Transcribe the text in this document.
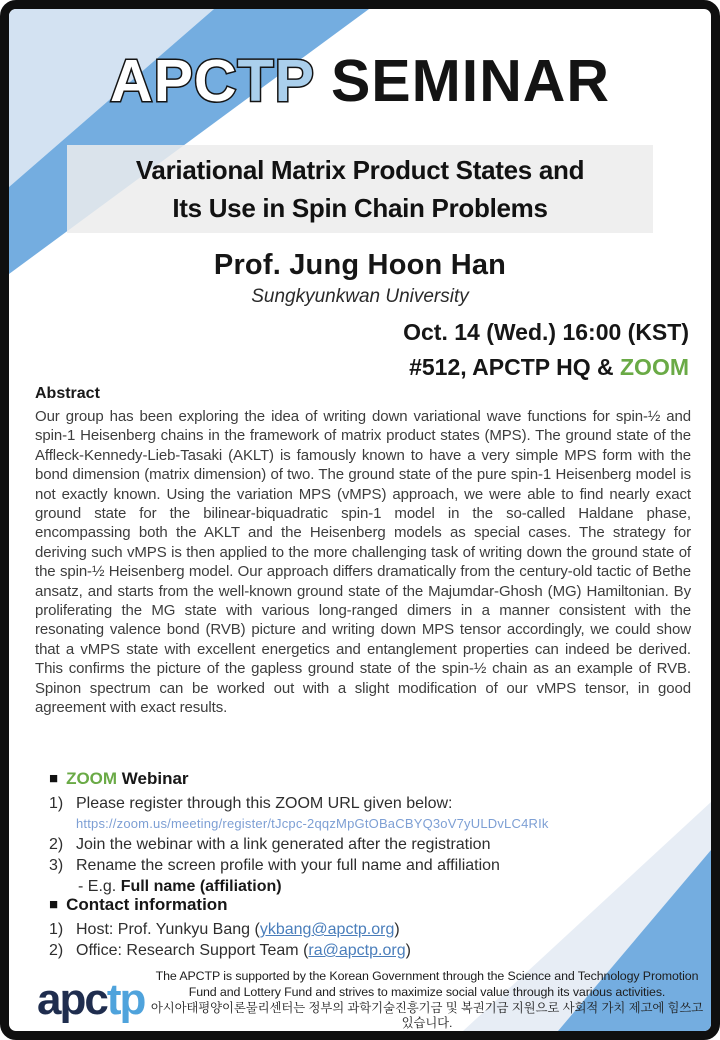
APCTP SEMINAR
Variational Matrix Product States and
Its Use in Spin Chain Problems
Prof. Jung Hoon Han
Sungkyunkwan University
Oct. 14 (Wed.) 16:00 (KST)
#512, APCTP HQ & ZOOM
Abstract
Our group has been exploring the idea of writing down variational wave functions for spin-½ and spin-1 Heisenberg chains in the framework of matrix product states (MPS). The ground state of the Affleck-Kennedy-Lieb-Tasaki (AKLT) is famously known to have a very simple MPS form with the bond dimension (matrix dimension) of two. The ground state of the pure spin-1 Heisenberg model is not exactly known. Using the variation MPS (vMPS) approach, we were able to find nearly exact ground state for the bilinear-biquadratic spin-1 model in the so-called Haldane phase, encompassing both the AKLT and the Heisenberg models as special cases. The strategy for deriving such vMPS is then applied to the more challenging task of writing down the ground state of the spin-½ Heisenberg model. Our approach differs dramatically from the century-old tactic of Bethe ansatz, and starts from the well-known ground state of the Majumdar-Ghosh (MG) Hamiltonian. By proliferating the MG state with various long-ranged dimers in a manner consistent with the resonating valence bond (RVB) picture and writing down MPS tensor accordingly, we could show that a vMPS state with excellent energetics and entanglement properties can indeed be derived. This confirms the picture of the gapless ground state of the spin-½ chain as an example of RVB. Spinon spectrum can be worked out with a slight modification of our vMPS tensor, in good agreement with exact results.
■ ZOOM Webinar
1) Please register through this ZOOM URL given below:
https://zoom.us/meeting/register/tJcpc-2qqzMpGtOBaCBYQ3oV7yULDvLC4RIk
2) Join the webinar with a link generated after the registration
3) Rename the screen profile with your full name and affiliation
- E.g. Full name (affiliation)
■ Contact information
1) Host: Prof. Yunkyu Bang (ykbang@apctp.org)
2) Office: Research Support Team (ra@apctp.org)
apctp The APCTP is supported by the Korean Government through the Science and Technology Promotion
Fund and Lottery Fund and strives to maximize social value through its various activities.
아시아태평양이론물리센터는 정부의 과학기술진흥기금 및 복권기금 지원으로 사회적 가치 제고에 힘쓰고 있습니다.
